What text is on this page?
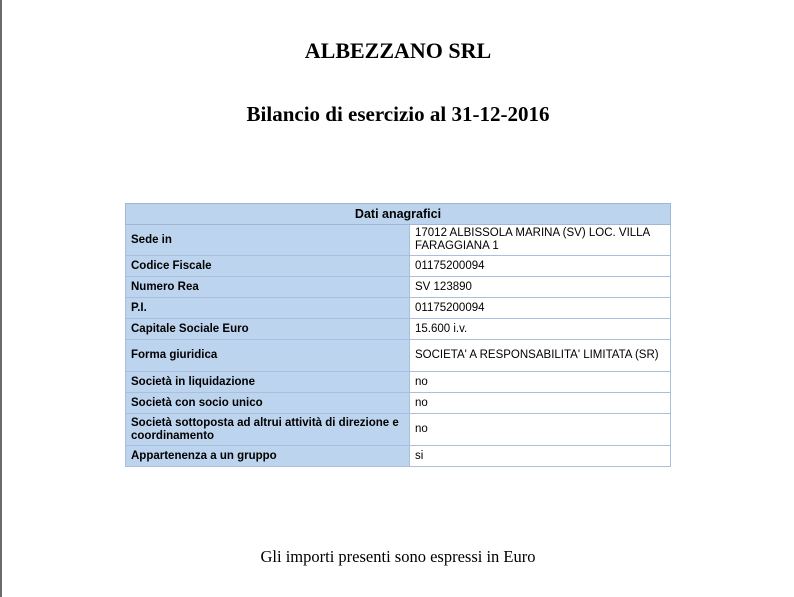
ALBEZZANO SRL
Bilancio di esercizio al 31-12-2016
Dati anagrafici	
Sede in	17012 ALBISSOLA MARINA (SV) LOC. VILLA FARAGGIANA 1
Codice Fiscale	01175200094
Numero Rea	SV 123890
P.I.	01175200094
Capitale Sociale Euro	15.600 i.v.
Forma giuridica	SOCIETA' A RESPONSABILITA' LIMITATA (SR)
Società in liquidazione	no
Società con socio unico	no
Società sottoposta ad altrui attività di direzione e coordinamento	no
Appartenenza a un gruppo	si

Gli importi presenti sono espressi in Euro
